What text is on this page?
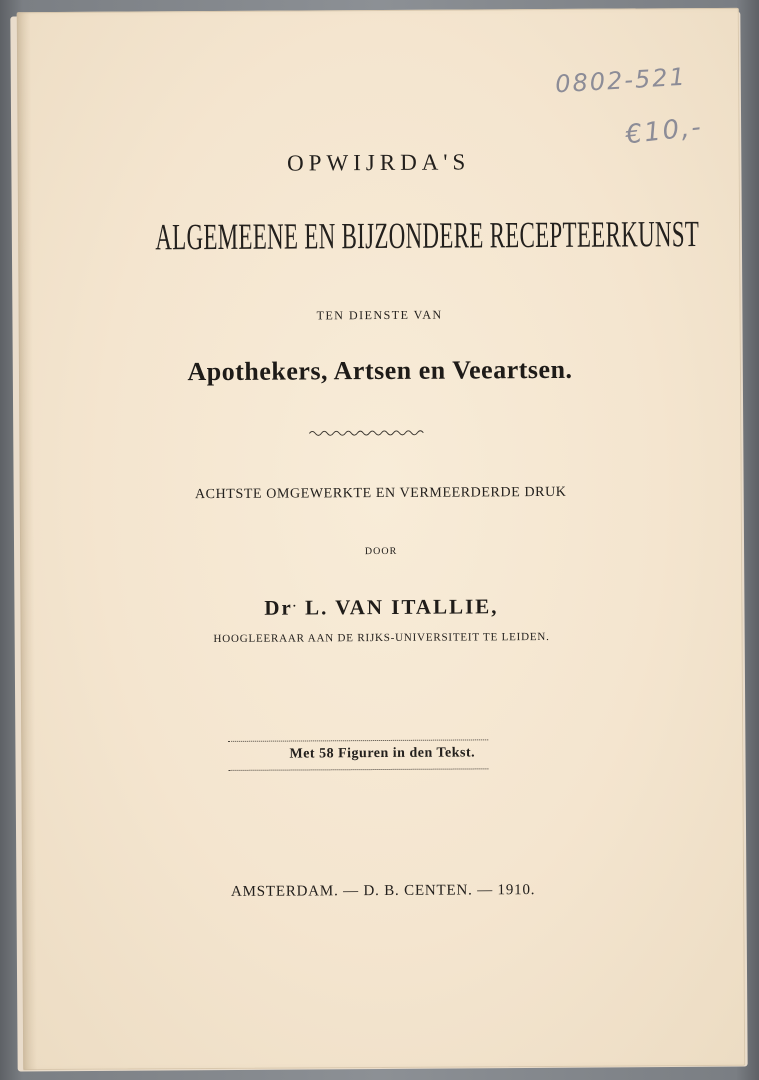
0802-521
€10,-
OPWIJRDA'S
ALGEMEENE EN BIJZONDERE RECEPTEERKUNST
TEN DIENSTE VAN
Apothekers, Artsen en Veeartsen.
ACHTSTE OMGEWERKTE EN VERMEERDERDE DRUK
DOOR
Dr. L. VAN ITALLIE,
HOOGLEERAAR AAN DE RIJKS-UNIVERSITEIT TE LEIDEN.
Met 58 Figuren in den Tekst.
AMSTERDAM. — D. B. CENTEN. — 1910.
